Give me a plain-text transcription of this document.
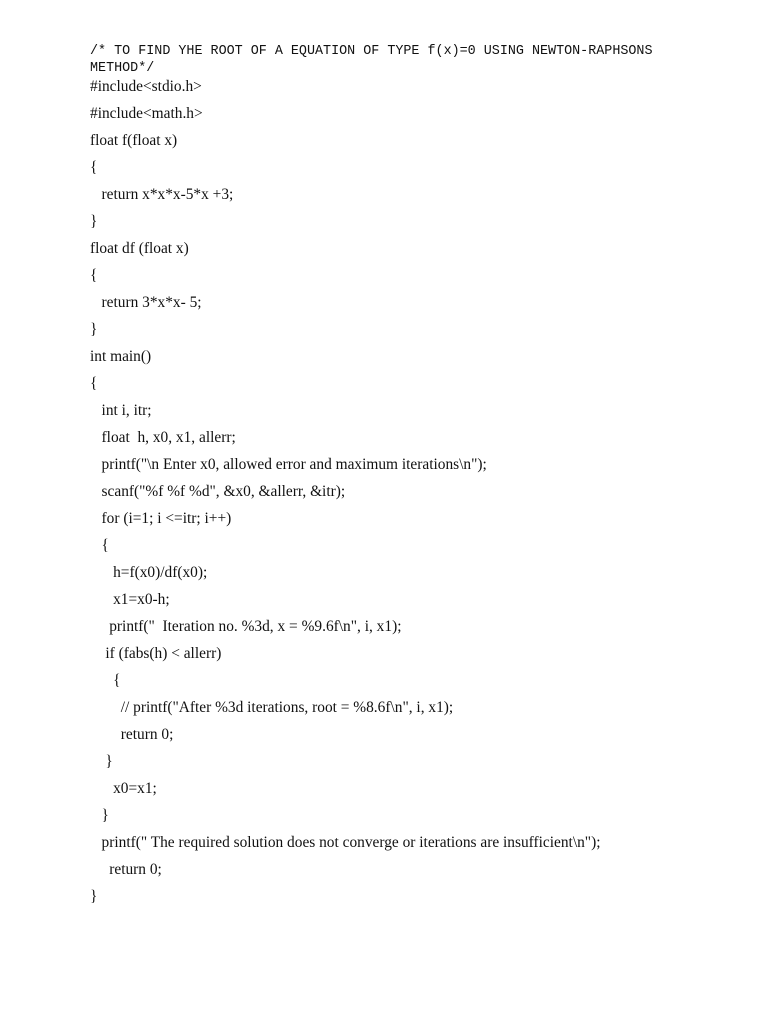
/* TO FIND YHE ROOT OF A EQUATION OF TYPE f(x)=0 USING NEWTON-RAPHSONS METHOD*/

#include<stdio.h>
#include<math.h>
float f(float x)
{
return x*x*x-5*x +3;
}
float df (float x)
{
return 3*x*x- 5;
}
int main()
{
int i, itr;
float  h, x0, x1, allerr;
printf("\n Enter x0, allowed error and maximum iterations\n");
scanf("%f %f %d", &x0, &allerr, &itr);
for (i=1; i <=itr; i++)
{
h=f(x0)/df(x0);
x1=x0-h;
printf("  Iteration no. %3d, x = %9.6f\n", i, x1);
if (fabs(h) < allerr)
{
// printf("After %3d iterations, root = %8.6f\n", i, x1);
return 0;
}
x0=x1;
}
printf(" The required solution does not converge or iterations are insufficient\n");
return 0;
}
